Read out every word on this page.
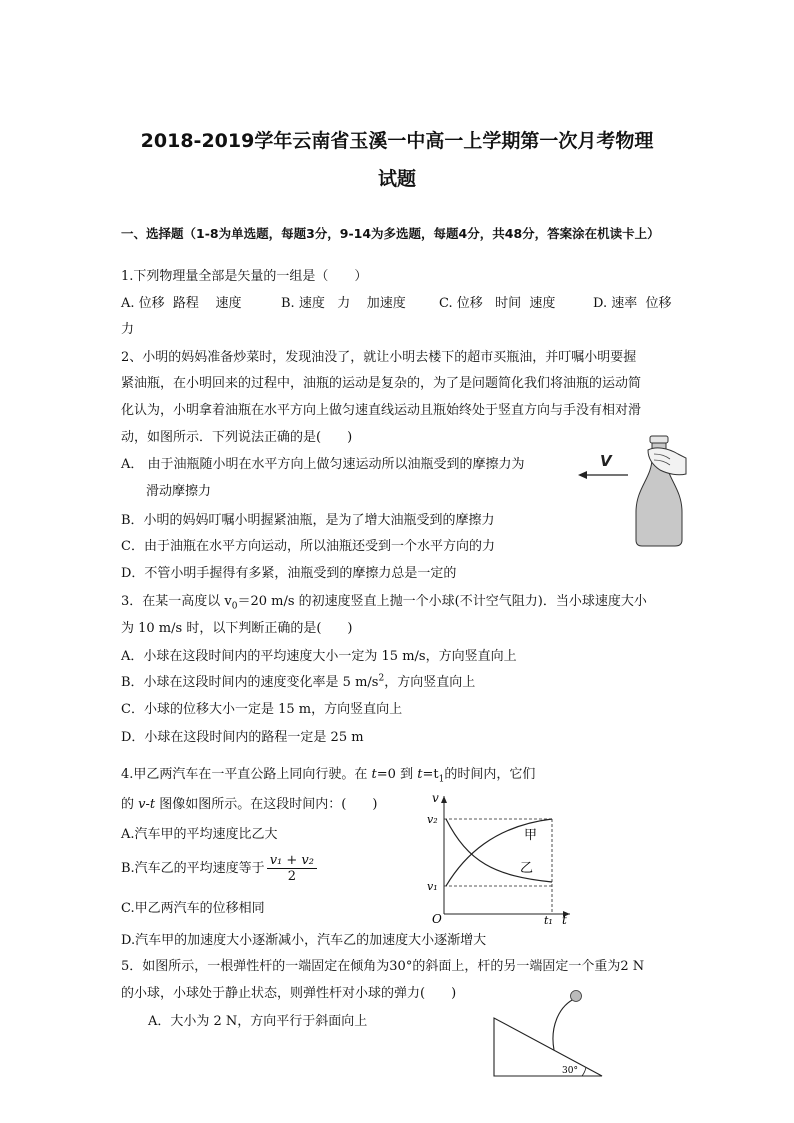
2018-2019学年云南省玉溪一中高一上学期第一次月考物理
试题
一、选择题（1-8为单选题，每题3分，9-14为多选题，每题4分，共48分，答案涂在机读卡上）
1.下列物理量全部是矢量的一组是（　　）
A. 位移  路程    速度	B. 速度   力    加速度	C. 位移   时间  速度	D. 速率  位移
力
2、小明的妈妈准备炒菜时，发现油没了，就让小明去楼下的超市买瓶油，并叮嘱小明要握
紧油瓶，在小明回来的过程中，油瓶的运动是复杂的，为了是问题简化我们将油瓶的运动简
化认为，小明拿着油瓶在水平方向上做匀速直线运动且瓶始终处于竖直方向与手没有相对滑
动，如图所示．下列说法正确的是(　　)
A． 由于油瓶随小明在水平方向上做匀速运动所以油瓶受到的摩擦力为
滑动摩擦力
B．小明的妈妈叮嘱小明握紧油瓶，是为了增大油瓶受到的摩擦力
C．由于油瓶在水平方向运动，所以油瓶还受到一个水平方向的力
D．不管小明手握得有多紧，油瓶受到的摩擦力总是一定的
V
3．在某一高度以 $v_0=20$ m/s 的初速度竖直上抛一个小球(不计空气阻力)．当小球速度大小
为 10 m/s 时，以下判断正确的是(　　)
A．小球在这段时间内的平均速度大小一定为 15 m/s，方向竖直向上
B．小球在这段时间内的速度变化率是 5 $m/s^2$，方向竖直向上
C．小球的位移大小一定是 15 m，方向竖直向上
D．小球在这段时间内的路程一定是 25 m
4.甲乙两汽车在一平直公路上同向行驶。在 t=0 到 $t=t_1$的时间内，它们
的 v-t 图像如图所示。在这段时间内：(　　)
A.汽车甲的平均速度比乙大
B.汽车乙的平均速度等于 $\frac{\text{v₁ + v₂}}{2}$
C.甲乙两汽车的位移相同
D.汽车甲的加速度大小逐渐减小，汽车乙的加速度大小逐渐增大
v
t
O
v₂
v₁
t₁
甲
乙
5．如图所示，一根弹性杆的一端固定在倾角为30°的斜面上，杆的另一端固定一个重为2 N
的小球，小球处于静止状态，则弹性杆对小球的弹力(　　)
A．大小为 2 N，方向平行于斜面向上
30°
